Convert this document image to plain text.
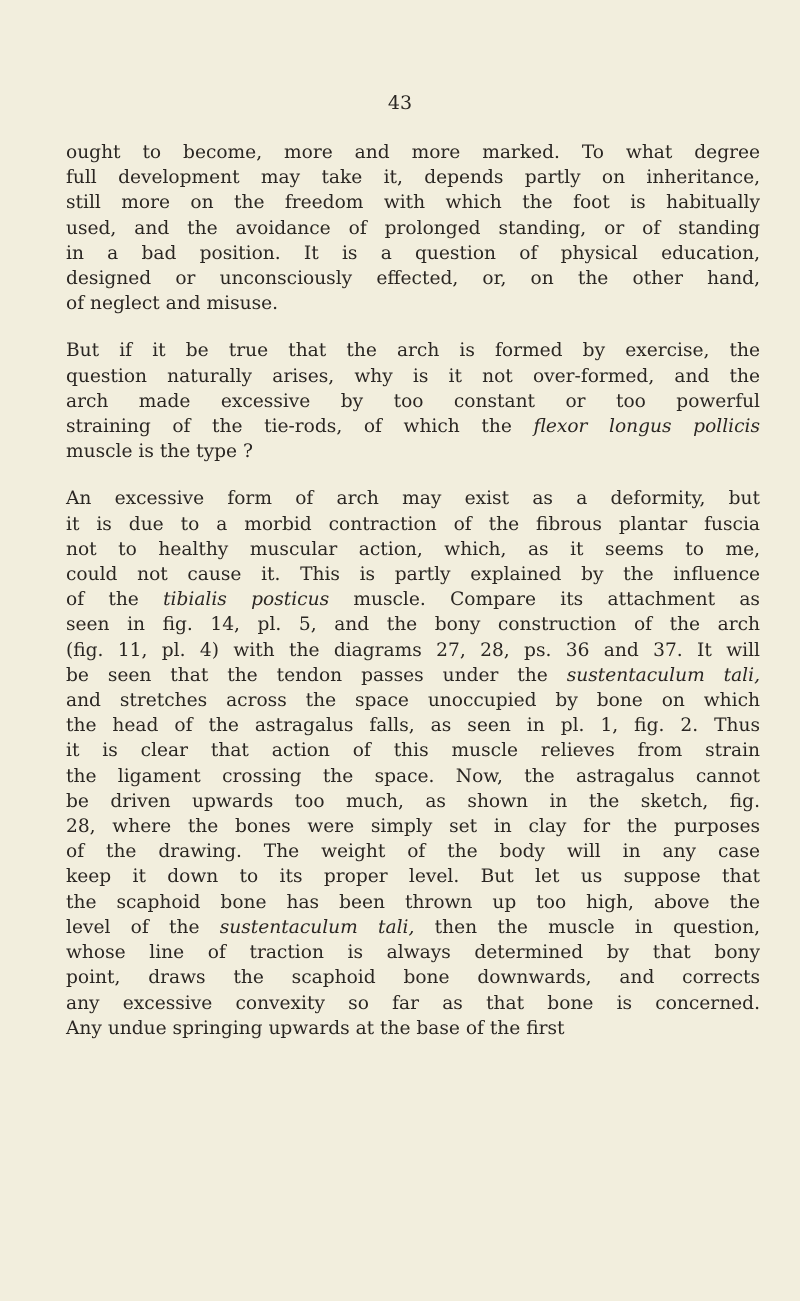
43

ought to become, more and more marked. To what degree
full development may take it, depends partly on inheritance,
still more on the freedom with which the foot is habitually
used, and the avoidance of prolonged standing, or of standing
in a bad position. It is a question of physical education,
designed or unconsciously effected, or, on the other hand,
of neglect and misuse.

But if it be true that the arch is formed by exercise, the
question naturally arises, why is it not over-formed, and the
arch made excessive by too constant or too powerful
straining of the tie-rods, of which the flexor longus pollicis
muscle is the type ?

An excessive form of arch may exist as a deformity, but
it is due to a morbid contraction of the fibrous plantar fuscia
not to healthy muscular action, which, as it seems to me,
could not cause it. This is partly explained by the influence
of the tibialis posticus muscle. Compare its attachment as
seen in fig. 14, pl. 5, and the bony construction of the arch
(fig. 11, pl. 4) with the diagrams 27, 28, ps. 36 and 37. It will
be seen that the tendon passes under the sustentaculum tali,
and stretches across the space unoccupied by bone on which
the head of the astragalus falls, as seen in pl. 1, fig. 2. Thus
it is clear that action of this muscle relieves from strain
the ligament crossing the space. Now, the astragalus cannot
be driven upwards too much, as shown in the sketch, fig.
28, where the bones were simply set in clay for the purposes
of the drawing. The weight of the body will in any case
keep it down to its proper level. But let us suppose that
the scaphoid bone has been thrown up too high, above the
level of the sustentaculum tali, then the muscle in question,
whose line of traction is always determined by that bony
point, draws the scaphoid bone downwards, and corrects
any excessive convexity so far as that bone is concerned.
Any undue springing upwards at the base of the first
